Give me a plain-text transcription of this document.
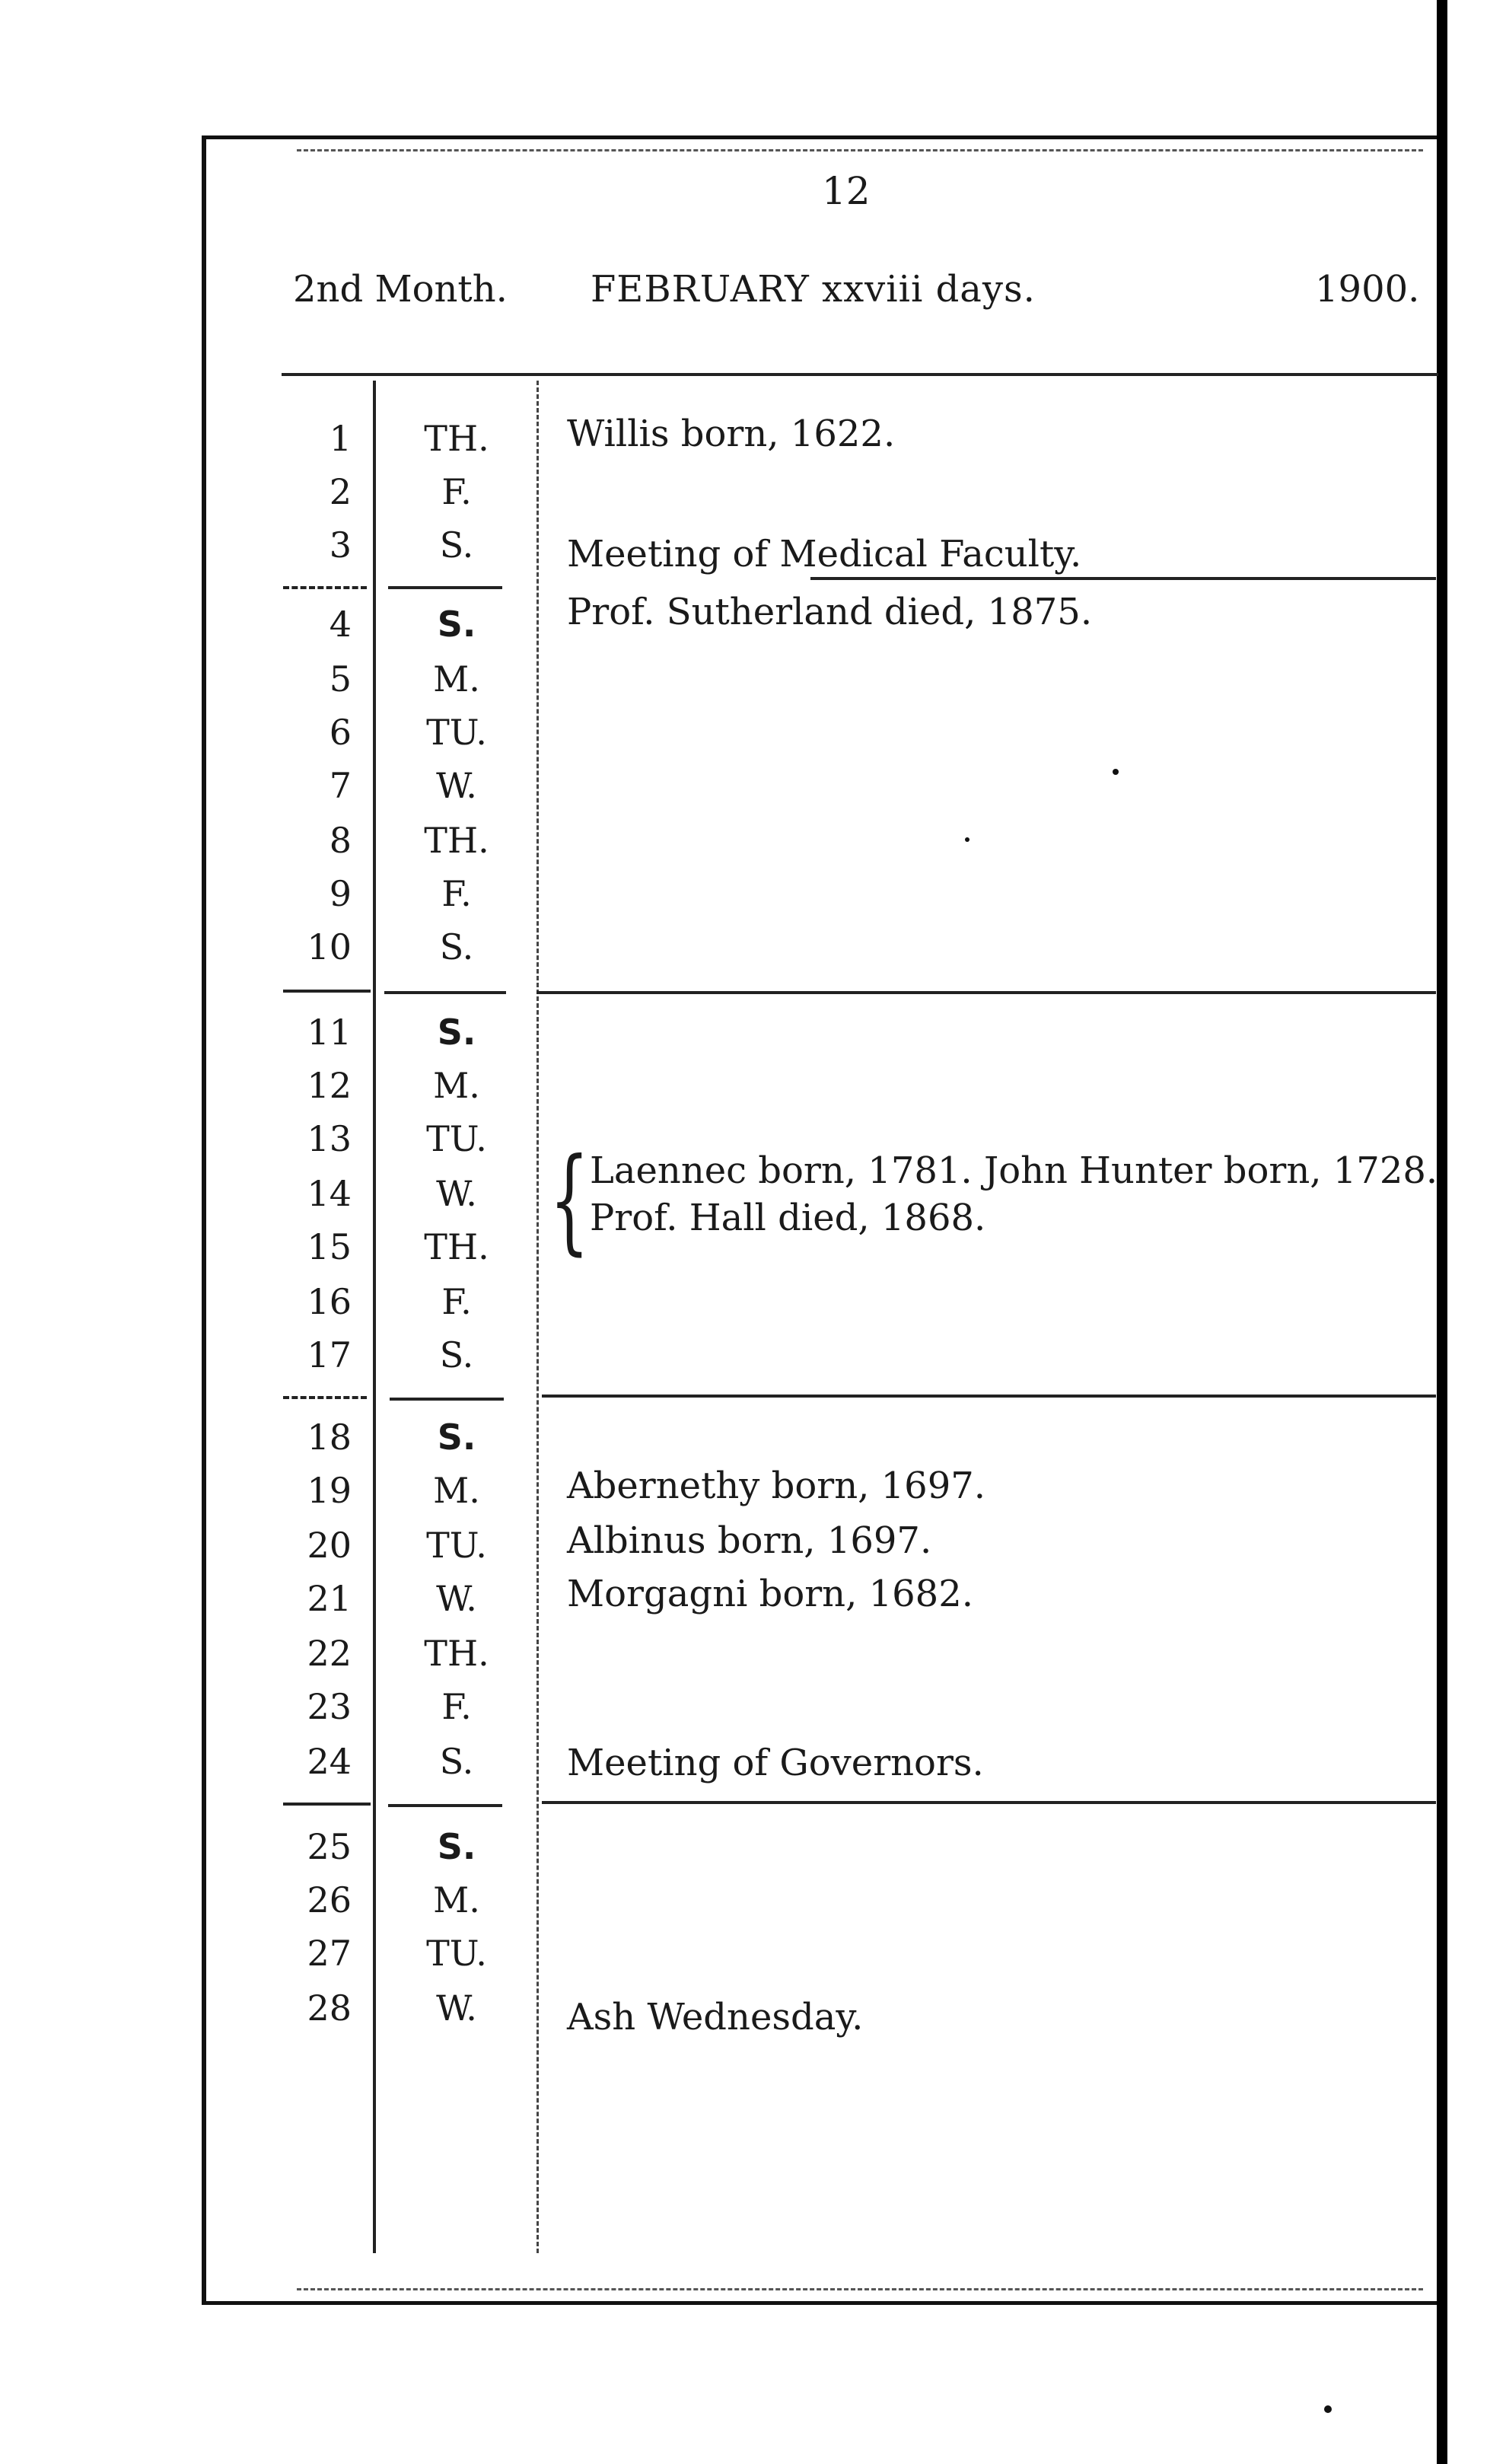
12
2nd Month. FEBRUARY xxviii days.	1900.
1
2
3
4
5
6
7
8
9
10
11
12
13
14
15
16
17
18
19
20
21
22
23
24
25
26
27
28
TH.
F.
S.
S.
M.
TU.
W.
TH.
F.
S.
S.
M.
TU.
W.
TH.
F.
S.
S.
M.
TU.
W.
TH.
F.
S.
S.
M.
TU.
W.
Willis born, 1622.
Meeting of Medical Faculty.
Prof. Sutherland died, 1875.
{ Laennec born, 1781. John Hunter born, 1728.
Prof. Hall died, 1868.
Abernethy born, 1697.
Albinus born, 1697.
Morgagni born, 1682.
Meeting of Governors.
Ash Wednesday.
